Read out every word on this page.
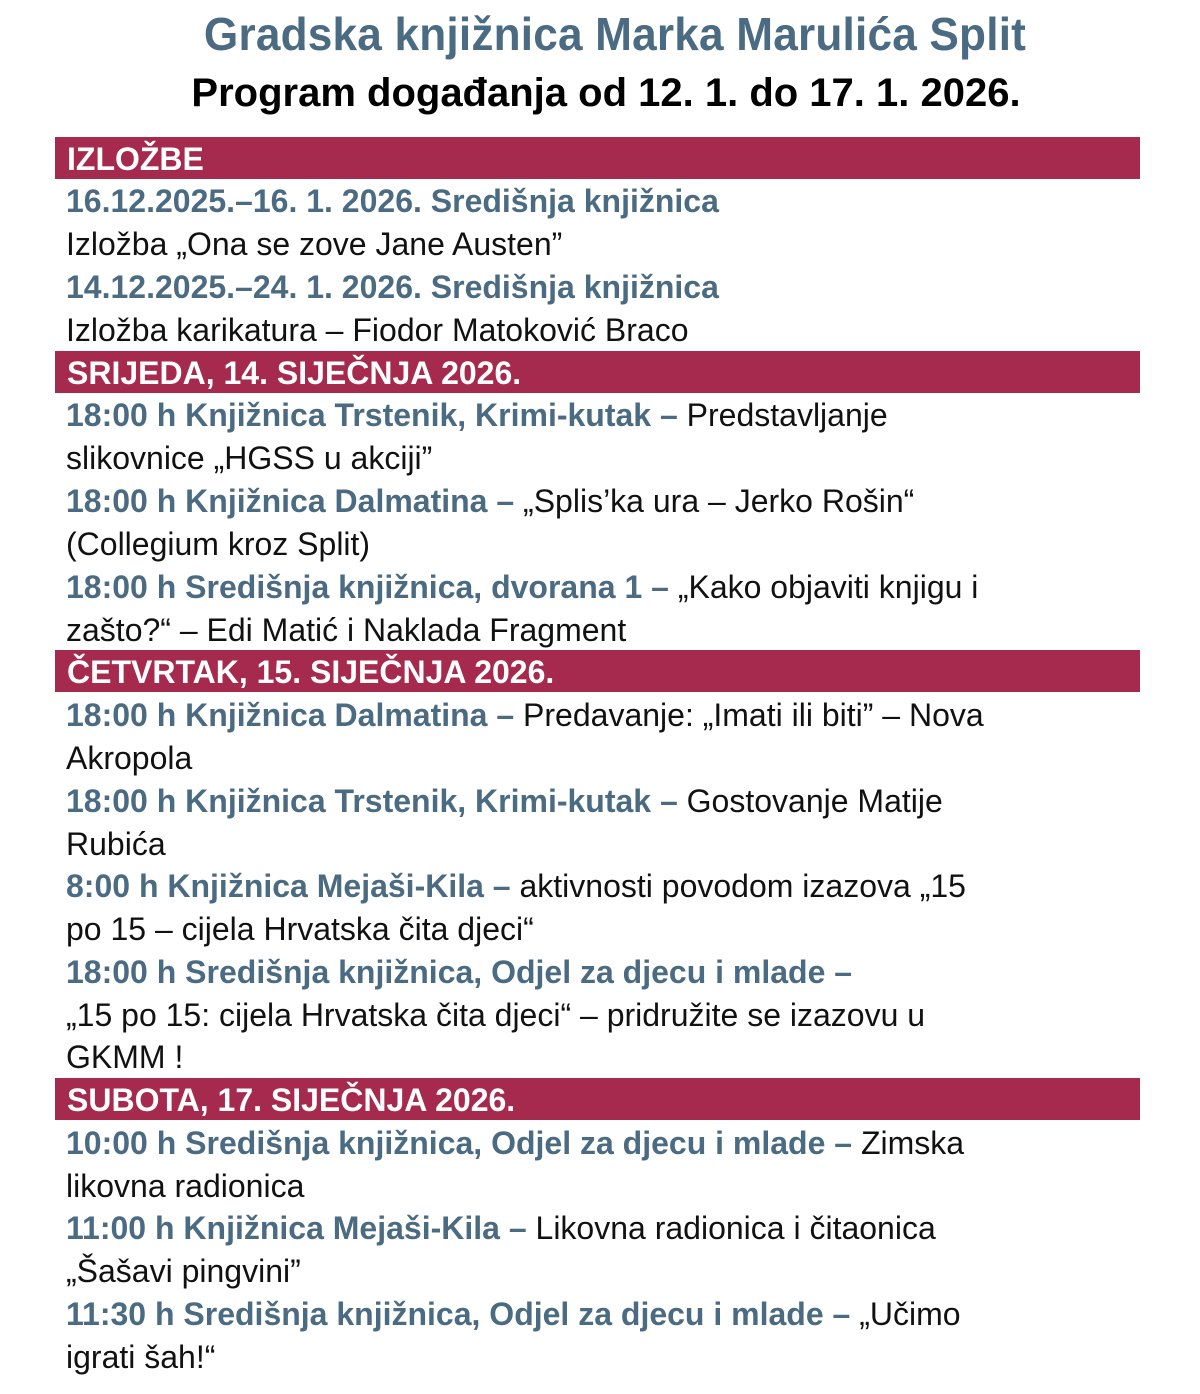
Gradska knjižnica Marka Marulića Split
Program događanja od 12. 1. do 17. 1. 2026.
IZLOŽBE
16.12.2025.–16. 1. 2026. Središnja knjižnica
Izložba „Ona se zove Jane Austen”
14.12.2025.–24. 1. 2026. Središnja knjižnica
Izložba karikatura – Fiodor Matoković Braco
SRIJEDA, 14. SIJEČNJA 2026.
18:00 h Knjižnica Trstenik, Krimi-kutak – Predstavljanje
slikovnice „HGSS u akciji”
18:00 h Knjižnica Dalmatina – „Splis’ka ura – Jerko Rošin“
(Collegium kroz Split)
18:00 h Središnja knjižnica, dvorana 1 – „Kako objaviti knjigu i
zašto?“ – Edi Matić i Naklada Fragment
ČETVRTAK, 15. SIJEČNJA 2026.
18:00 h Knjižnica Dalmatina – Predavanje: „Imati ili biti” – Nova
Akropola
18:00 h Knjižnica Trstenik, Krimi-kutak – Gostovanje Matije
Rubića
8:00 h Knjižnica Mejaši-Kila – aktivnosti povodom izazova „15
po 15 – cijela Hrvatska čita djeci“
18:00 h Središnja knjižnica, Odjel za djecu i mlade –
„15 po 15: cijela Hrvatska čita djeci“ – pridružite se izazovu u
GKMM !
SUBOTA, 17. SIJEČNJA 2026.
10:00 h Središnja knjižnica, Odjel za djecu i mlade – Zimska
likovna radionica
11:00 h Knjižnica Mejaši-Kila – Likovna radionica i čitaonica
„Šašavi pingvini”
11:30 h Središnja knjižnica, Odjel za djecu i mlade – „Učimo
igrati šah!“
